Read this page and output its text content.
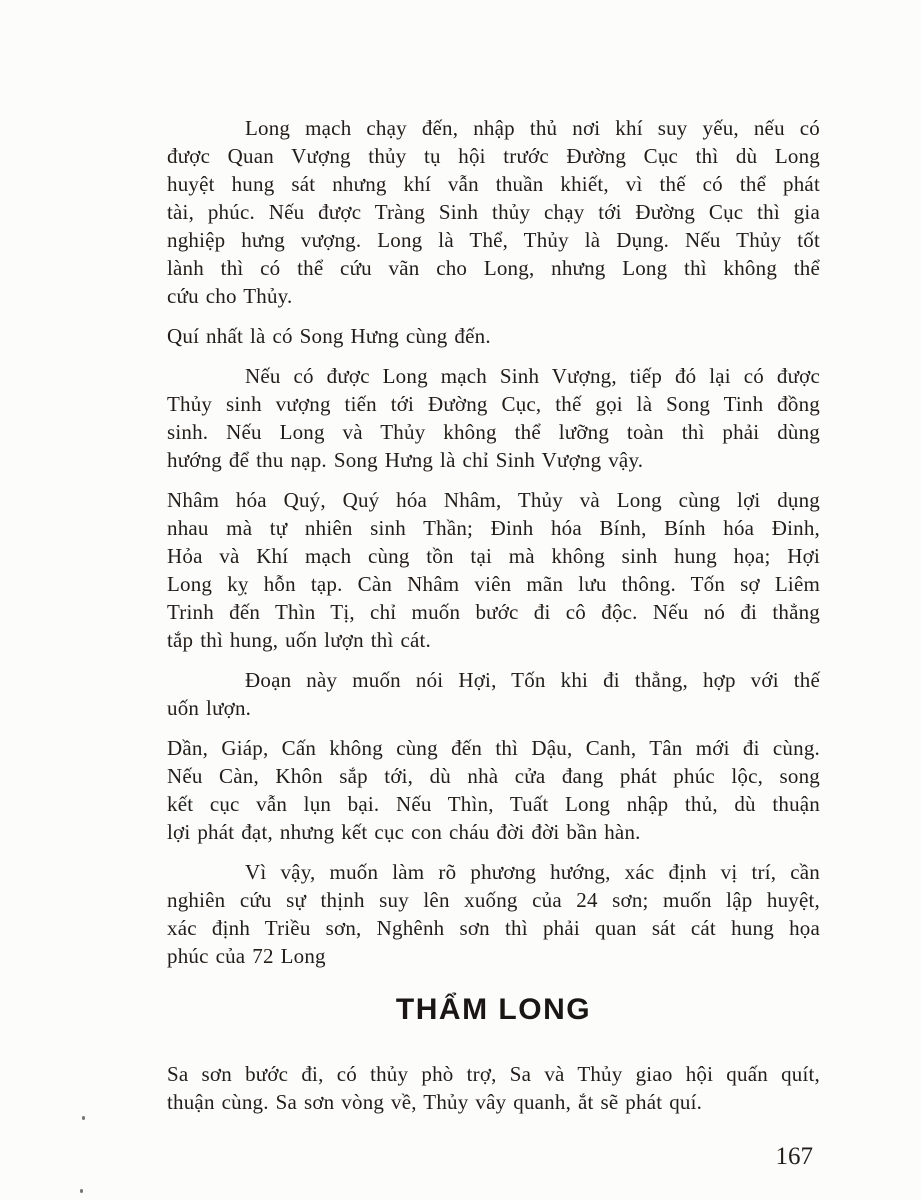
Long mạch chạy đến, nhập thủ nơi khí suy yếu, nếu có
được Quan Vượng thủy tụ hội trước Đường Cục thì dù Long
huyệt hung sát nhưng khí vẫn thuần khiết, vì thế có thể phát
tài, phúc. Nếu được Tràng Sinh thủy chạy tới Đường Cục thì gia
nghiệp hưng vượng. Long là Thể, Thủy là Dụng. Nếu Thủy tốt
lành thì có thể cứu vãn cho Long, nhưng Long thì không thể
cứu cho Thủy.
Quí nhất là có Song Hưng cùng đến.
Nếu có được Long mạch Sinh Vượng, tiếp đó lại có được
Thủy sinh vượng tiến tới Đường Cục, thế gọi là Song Tinh đồng
sinh. Nếu Long và Thủy không thể lưỡng toàn thì phải dùng
hướng để thu nạp. Song Hưng là chỉ Sinh Vượng vậy.
Nhâm hóa Quý, Quý hóa Nhâm, Thủy và Long cùng lợi dụng
nhau mà tự nhiên sinh Thần; Đinh hóa Bính, Bính hóa Đinh,
Hỏa và Khí mạch cùng tồn tại mà không sinh hung họa; Hợi
Long kỵ hỗn tạp. Càn Nhâm viên mãn lưu thông. Tốn sợ Liêm
Trinh đến Thìn Tị, chỉ muốn bước đi cô độc. Nếu nó đi thẳng
tắp thì hung, uốn lượn thì cát.
Đoạn này muốn nói Hợi, Tốn khi đi thẳng, hợp với thế
uốn lượn.
Dần, Giáp, Cấn không cùng đến thì Dậu, Canh, Tân mới đi cùng.
Nếu Càn, Khôn sắp tới, dù nhà cửa đang phát phúc lộc, song
kết cục vẫn lụn bại. Nếu Thìn, Tuất Long nhập thủ, dù thuận
lợi phát đạt, nhưng kết cục con cháu đời đời bần hàn.
Vì vậy, muốn làm rõ phương hướng, xác định vị trí, cần
nghiên cứu sự thịnh suy lên xuống của 24 sơn; muốn lập huyệt,
xác định Triều sơn, Nghênh sơn thì phải quan sát cát hung họa
phúc của 72 Long
THẨM LONG
Sa sơn bước đi, có thủy phò trợ, Sa và Thủy giao hội quấn quít,
thuận cùng. Sa sơn vòng về, Thủy vây quanh, ắt sẽ phát quí.
167
